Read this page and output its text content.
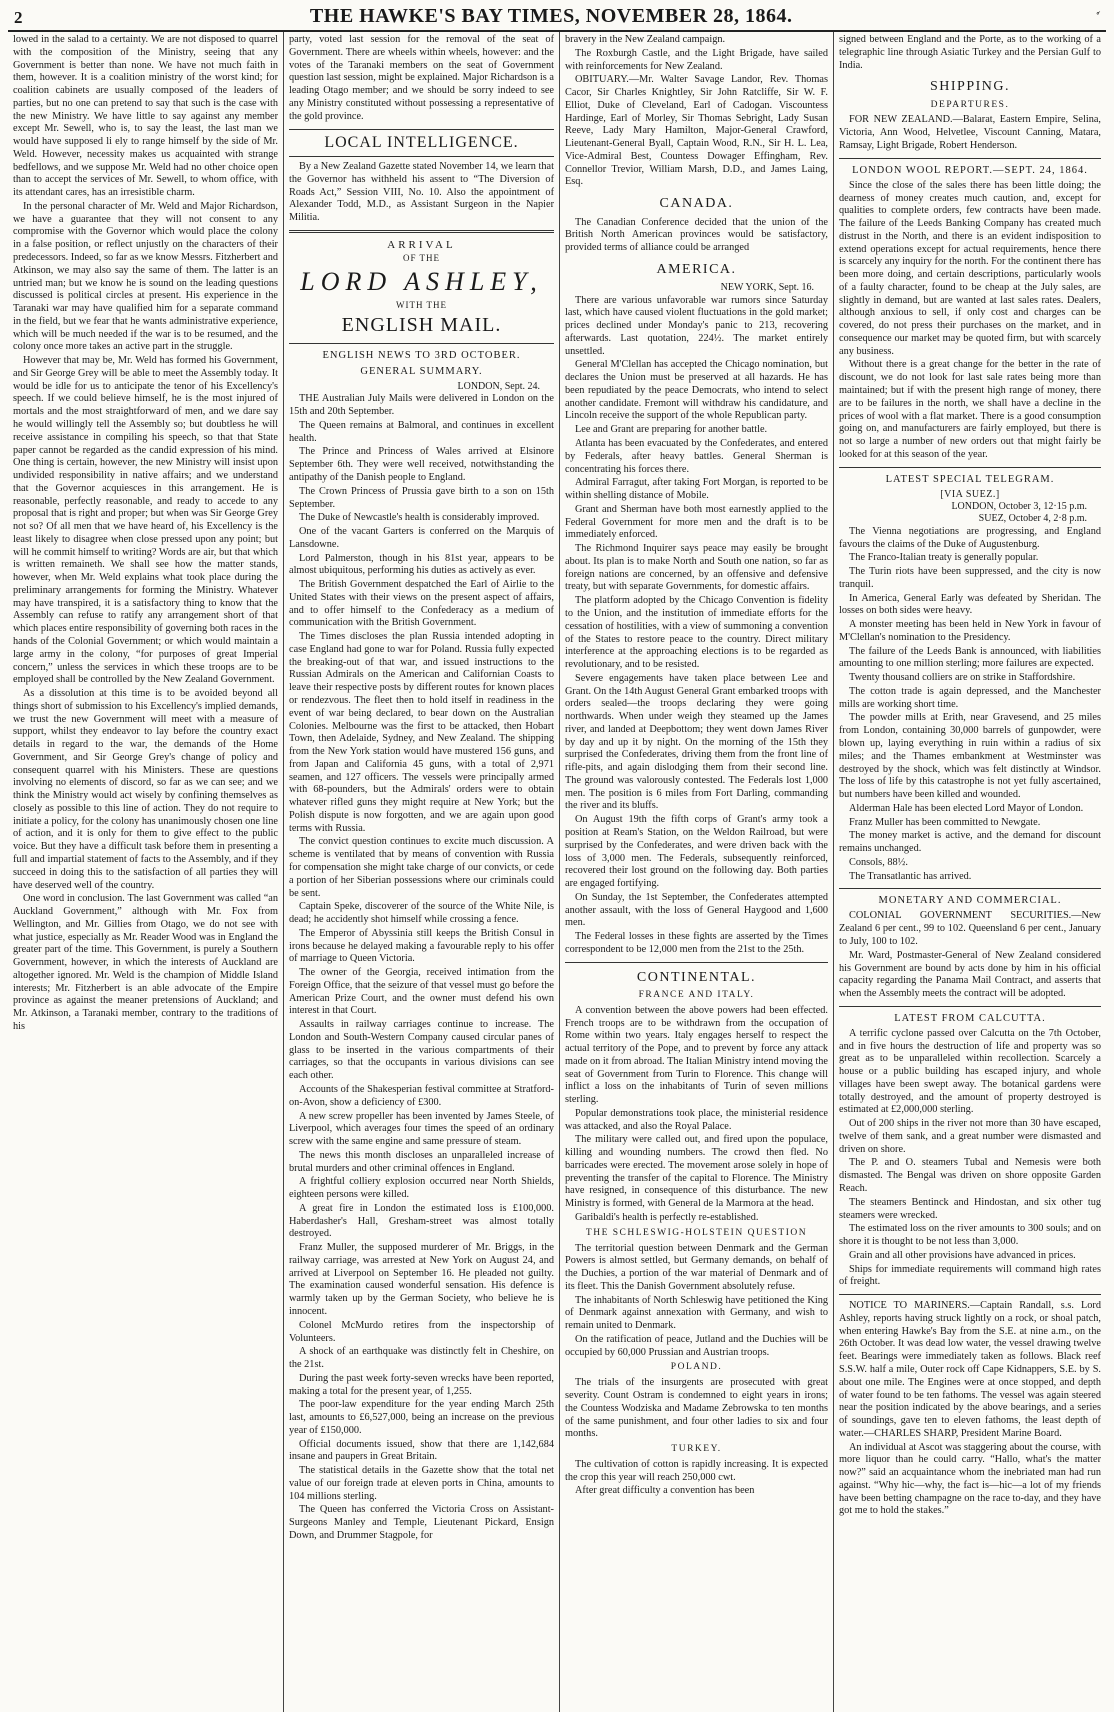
2	THE HAWKE'S BAY TIMES, NOVEMBER 28, 1864.

lowed in the salad to a certainty. We are not disposed to quarrel with the composition of the Ministry, seeing that any Government is better than none. We have not much faith in them, however. It is a coalition ministry of the worst kind; for coalition cabinets are usually composed of the leaders of parties, but no one can pretend to say that such is the case with the new Ministry. We have little to say against any member except Mr. Sewell, who is, to say the least, the last man we would have supposed li ely to range himself by the side of Mr. Weld. However, necessity makes us acquainted with strange bedfellows, and we suppose Mr. Weld had no other choice open than to accept the services of Mr. Sewell, to whom office, with its attendant cares, has an irresistible charm.

In the personal character of Mr. Weld and Major Richardson, we have a guarantee that they will not consent to any compromise with the Governor which would place the colony in a false position, or reflect unjustly on the characters of their predecessors. Indeed, so far as we know Messrs. Fitzherbert and Atkinson, we may also say the same of them. The latter is an untried man; but we know he is sound on the leading questions discussed is political circles at present. His experience in the Taranaki war may have qualified him for a separate command in the field, but we fear that he wants administrative experience, which will be much needed if the war is to be resumed, and the colony once more takes an active part in the struggle.

However that may be, Mr. Weld has formed his Government, and Sir George Grey will be able to meet the Assembly today. It would be idle for us to anticipate the tenor of his Excellency's speech. If we could believe himself, he is the most injured of mortals and the most straightforward of men, and we dare say he would willingly tell the Assembly so; but doubtless he will receive assistance in compiling his speech, so that that State paper cannot be regarded as the candid expression of his mind. One thing is certain, however, the new Ministry will insist upon undivided responsibility in native affairs; and we understand that the Governor acquiesces in this arrangement. He is reasonable, perfectly reasonable, and ready to accede to any proposal that is right and proper; but when was Sir George Grey not so? Of all men that we have heard of, his Excellency is the least likely to disagree when close pressed upon any point; but will he commit himself to writing? Words are air, but that which is written remaineth. We shall see how the matter stands, however, when Mr. Weld explains what took place during the preliminary arrangements for forming the Ministry. Whatever may have transpired, it is a satisfactory thing to know that the Assembly can refuse to ratify any arrangement short of that which places entire responsibility of governing both races in the hands of the Colonial Government; or which would maintain a large army in the colony, “for purposes of great Imperial concern,” unless the services in which these troops are to be employed shall be controlled by the New Zealand Government.

As a dissolution at this time is to be avoided beyond all things short of submission to his Excellency's implied demands, we trust the new Government will meet with a measure of support, whilst they endeavor to lay before the country exact details in regard to the war, the demands of the Home Government, and Sir George Grey's change of policy and consequent quarrel with his Ministers. These are questions involving no elements of discord, so far as we can see; and we think the Ministry would act wisely by confining themselves as closely as possible to this line of action. They do not require to initiate a policy, for the colony has unanimously chosen one line of action, and it is only for them to give effect to the public voice. But they have a difficult task before them in presenting a full and impartial statement of facts to the Assembly, and if they succeed in doing this to the satisfaction of all parties they will have deserved well of the country.

One word in conclusion. The last Government was called “an Auckland Government,” although with Mr. Fox from Wellington, and Mr. Gillies from Otago, we do not see with what justice, especially as Mr. Reader Wood was in England the greater part of the time. This Government, is purely a Southern Government, however, in which the interests of Auckland are altogether ignored. Mr. Weld is the champion of Middle Island interests; Mr. Fitzherbert is an able advocate of the Empire province as against the meaner pretensions of Auckland; and Mr. Atkinson, a Taranaki member, contrary to the traditions of his

party, voted last session for the removal of the seat of Government. There are wheels within wheels, however: and the votes of the Taranaki members on the seat of Government question last session, might be explained. Major Richardson is a leading Otago member; and we should be sorry indeed to see any Ministry constituted without possessing a representative of the gold province.

LOCAL INTELLIGENCE.

By a New Zealand Gazette stated November 14, we learn that the Governor has withheld his assent to “The Diversion of Roads Act,” Session VIII, No. 10. Also the appointment of Alexander Todd, M.D., as Assistant Surgeon in the Napier Militia.

ARRIVAL
OF THE
LORD ASHLEY,
WITH THE
ENGLISH MAIL.
ENGLISH NEWS TO 3RD OCTOBER.
GENERAL SUMMARY.
LONDON, Sept. 24.

THE Australian July Mails were delivered in London on the 15th and 20th September.

The Queen remains at Balmoral, and continues in excellent health.

The Prince and Princess of Wales arrived at Elsinore September 6th. They were well received, notwithstanding the antipathy of the Danish people to England.

The Crown Princess of Prussia gave birth to a son on 15th September.

The Duke of Newcastle's health is considerably improved.

One of the vacant Garters is conferred on the Marquis of Lansdowne.

Lord Palmerston, though in his 81st year, appears to be almost ubiquitous, performing his duties as actively as ever.

The British Government despatched the Earl of Airlie to the United States with their views on the present aspect of affairs, and to offer himself to the Confederacy as a medium of communication with the British Government.

The Times discloses the plan Russia intended adopting in case England had gone to war for Poland. Russia fully expected the breaking-out of that war, and issued instructions to the Russian Admirals on the American and Californian Coasts to leave their respective posts by different routes for known places or rendezvous. The fleet then to hold itself in readiness in the event of war being declared, to bear down on the Australian Colonies. Melbourne was the first to be attacked, then Hobart Town, then Adelaide, Sydney, and New Zealand. The shipping from the New York station would have mustered 156 guns, and from Japan and California 45 guns, with a total of 2,971 seamen, and 127 officers. The vessels were principally armed with 68-pounders, but the Admirals' orders were to obtain whatever rifled guns they might require at New York; but the Polish dispute is now forgotten, and we are again upon good terms with Russia.

The convict question continues to excite much discussion. A scheme is ventilated that by means of convention with Russia for compensation she might take charge of our convicts, or cede a portion of her Siberian possessions where our criminals could be sent.

Captain Speke, discoverer of the source of the White Nile, is dead; he accidently shot himself while crossing a fence.

The Emperor of Abyssinia still keeps the British Consul in irons because he delayed making a favourable reply to his offer of marriage to Queen Victoria.

The owner of the Georgia, received intimation from the Foreign Office, that the seizure of that vessel must go before the American Prize Court, and the owner must defend his own interest in that Court.

Assaults in railway carriages continue to increase. The London and South-Western Company caused circular panes of glass to be inserted in the various compartments of their carriages, so that the occupants in various divisions can see each other.

Accounts of the Shakesperian festival committee at Stratford-on-Avon, show a deficiency of £300.

A new screw propeller has been invented by James Steele, of Liverpool, which averages four times the speed of an ordinary screw with the same engine and same pressure of steam.

The news this month discloses an unparalleled increase of brutal murders and other criminal offences in England.

A frightful colliery explosion occurred near North Shields, eighteen persons were killed.

A great fire in London the estimated loss is £100,000. Haberdasher's Hall, Gresham-street was almost totally destroyed.

Franz Muller, the supposed murderer of Mr. Briggs, in the railway carriage, was arrested at New York on August 24, and arrived at Liverpool on September 16. He pleaded not guilty. The examination caused wonderful sensation. His defence is warmly taken up by the German Society, who believe he is innocent.

Colonel McMurdo retires from the inspectorship of Volunteers.

A shock of an earthquake was distinctly felt in Cheshire, on the 21st.

During the past week forty-seven wrecks have been reported, making a total for the present year, of 1,255.

The poor-law expenditure for the year ending March 25th last, amounts to £6,527,000, being an increase on the previous year of £150,000.

Official documents issued, show that there are 1,142,684 insane and paupers in Great Britain.

The statistical details in the Gazette show that the total net value of our foreign trade at eleven ports in China, amounts to 104 millions sterling.

The Queen has conferred the Victoria Cross on Assistant-Surgeons Manley and Temple, Lieutenant Pickard, Ensign Down, and Drummer Stagpole, for

bravery in the New Zealand campaign.

The Roxburgh Castle, and the Light Brigade, have sailed with reinforcements for New Zealand.

OBITUARY.—Mr. Walter Savage Landor, Rev. Thomas Cacor, Sir Charles Knightley, Sir John Ratcliffe, Sir W. F. Elliot, Duke of Cleveland, Earl of Cadogan. Viscountess Hardinge, Earl of Morley, Sir Thomas Sebright, Lady Susan Reeve, Lady Mary Hamilton, Major-General Crawford, Lieutenant-General Byall, Captain Wood, R.N., Sir H. L. Lea, Vice-Admiral Best, Countess Dowager Effingham, Rev. Connellor Trevior, William Marsh, D.D., and James Laing, Esq.

CANADA.

The Canadian Conference decided that the union of the British North American provinces would be satisfactory, provided terms of alliance could be arranged

AMERICA.
NEW YORK, Sept. 16.

There are various unfavorable war rumors since Saturday last, which have caused violent fluctuations in the gold market; prices declined under Monday's panic to 213, recovering afterwards. Last quotation, 224½. The market entirely unsettled.

General M'Clellan has accepted the Chicago nomination, but declares the Union must be preserved at all hazards. He has been repudiated by the peace Democrats, who intend to select another candidate. Fremont will withdraw his candidature, and Lincoln receive the support of the whole Republican party.

Lee and Grant are preparing for another battle.

Atlanta has been evacuated by the Confederates, and entered by Federals, after heavy battles. General Sherman is concentrating his forces there.

Admiral Farragut, after taking Fort Morgan, is reported to be within shelling distance of Mobile.

Grant and Sherman have both most earnestly applied to the Federal Government for more men and the draft is to be immediately enforced.

The Richmond Inquirer says peace may easily be brought about. Its plan is to make North and South one nation, so far as foreign nations are concerned, by an offensive and defensive treaty, but with separate Governments, for domestic affairs.

The platform adopted by the Chicago Convention is fidelity to the Union, and the institution of immediate efforts for the cessation of hostilities, with a view of summoning a convention of the States to restore peace to the country. Direct military interference at the approaching elections is to be regarded as revolutionary, and to be resisted.

Severe engagements have taken place between Lee and Grant. On the 14th August General Grant embarked troops with orders sealed—the troops declaring they were going northwards. When under weigh they steamed up the James river, and landed at Deepbottom; they went down James River by day and up it by night. On the morning of the 15th they surprised the Confederates, driving them from the front line of rifle-pits, and again dislodging them from their second line. The ground was valorously contested. The Federals lost 1,000 men. The position is 6 miles from Fort Darling, commanding the river and its bluffs.

On August 19th the fifth corps of Grant's army took a position at Ream's Station, on the Weldon Railroad, but were surprised by the Confederates, and were driven back with the loss of 3,000 men. The Federals, subsequently reinforced, recovered their lost ground on the following day. Both parties are engaged fortifying.

On Sunday, the 1st September, the Confederates attempted another assault, with the loss of General Haygood and 1,600 men.

The Federal losses in these fights are asserted by the Times correspondent to be 12,000 men from the 21st to the 25th.

CONTINENTAL.
FRANCE AND ITALY.

A convention between the above powers had been effected. French troops are to be withdrawn from the occupation of Rome within two years. Italy engages herself to respect the actual territory of the Pope, and to prevent by force any attack made on it from abroad. The Italian Ministry intend moving the seat of Government from Turin to Florence. This change will inflict a loss on the inhabitants of Turin of seven millions sterling.

Popular demonstrations took place, the ministerial residence was attacked, and also the Royal Palace.

The military were called out, and fired upon the populace, killing and wounding numbers. The crowd then fled. No barricades were erected. The movement arose solely in hope of preventing the transfer of the capital to Florence. The Ministry have resigned, in consequence of this disturbance. The new Ministry is formed, with General de la Marmora at the head.

Garibaldi's health is perfectly re-established.

THE SCHLESWIG-HOLSTEIN QUESTION

The territorial question between Denmark and the German Powers is almost settled, but Germany demands, on behalf of the Duchies, a portion of the war material of Denmark and of its fleet. This the Danish Government absolutely refuse.

The inhabitants of North Schleswig have petitioned the King of Denmark against annexation with Germany, and wish to remain united to Denmark.

On the ratification of peace, Jutland and the Duchies will be occupied by 60,000 Prussian and Austrian troops.

POLAND.

The trials of the insurgents are prosecuted with great severity. Count Ostram is condemned to eight years in irons; the Countess Wodziska and Madame Zebrowska to ten months of the same punishment, and four other ladies to six and four months.

TURKEY.

The cultivation of cotton is rapidly increasing. It is expected the crop this year will reach 250,000 cwt.

After great difficulty a convention has been

signed between England and the Porte, as to the working of a telegraphic line through Asiatic Turkey and the Persian Gulf to India.

SHIPPING.
DEPARTURES.

FOR NEW ZEALAND.—Balarat, Eastern Empire, Selina, Victoria, Ann Wood, Helvetlee, Viscount Canning, Matara, Ramsay, Light Brigade, Robert Henderson.

LONDON WOOL REPORT.—SEPT. 24, 1864.

Since the close of the sales there has been little doing; the dearness of money creates much caution, and, except for qualities to complete orders, few contracts have been made. The failure of the Leeds Banking Company has created much distrust in the North, and there is an evident indisposition to extend operations except for actual requirements, hence there is scarcely any inquiry for the north. For the continent there has been more doing, and certain descriptions, particularly wools of a faulty character, found to be cheap at the July sales, are slightly in demand, but are wanted at last sales rates. Dealers, although anxious to sell, if only cost and charges can be covered, do not press their purchases on the market, and in consequence our market may be quoted firm, but with scarcely any business.

Without there is a great change for the better in the rate of discount, we do not look for last sale rates being more than maintained; but if with the present high range of money, there are to be failures in the north, we shall have a decline in the prices of wool with a flat market. There is a good consumption going on, and manufacturers are fairly employed, but there is not so large a number of new orders out that might fairly be looked for at this season of the year.

LATEST SPECIAL TELEGRAM.
[VIA SUEZ.]
LONDON, October 3, 12·15 p.m.
SUEZ, October 4, 2·8 p.m.

The Vienna negotiations are progressing, and England favours the claims of the Duke of Augustenburg.

The Franco-Italian treaty is generally popular.

The Turin riots have been suppressed, and the city is now tranquil.

In America, General Early was defeated by Sheridan. The losses on both sides were heavy.

A monster meeting has been held in New York in favour of M'Clellan's nomination to the Presidency.

The failure of the Leeds Bank is announced, with liabilities amounting to one million sterling; more failures are expected.

Twenty thousand colliers are on strike in Staffordshire.

The cotton trade is again depressed, and the Manchester mills are working short time.

The powder mills at Erith, near Gravesend, and 25 miles from London, containing 30,000 barrels of gunpowder, were blown up, laying everything in ruin within a radius of six miles; and the Thames embankment at Westminster was destroyed by the shock, which was felt distinctly at Windsor. The loss of life by this catastrophe is not yet fully ascertained, but numbers have been killed and wounded.

Alderman Hale has been elected Lord Mayor of London.

Franz Muller has been committed to Newgate.

The money market is active, and the demand for discount remains unchanged.

Consols, 88½.

The Transatlantic has arrived.

MONETARY AND COMMERCIAL.

COLONIAL GOVERNMENT SECURITIES.—New Zealand 6 per cent., 99 to 102. Queensland 6 per cent., January to July, 100 to 102.

Mr. Ward, Postmaster-General of New Zealand considered his Government are bound by acts done by him in his official capacity regarding the Panama Mail Contract, and asserts that when the Assembly meets the contract will be adopted.

LATEST FROM CALCUTTA.

A terrific cyclone passed over Calcutta on the 7th October, and in five hours the destruction of life and property was so great as to be unparalleled within recollection. Scarcely a house or a public building has escaped injury, and whole villages have been swept away. The botanical gardens were totally destroyed, and the amount of property destroyed is estimated at £2,000,000 sterling.

Out of 200 ships in the river not more than 30 have escaped, twelve of them sank, and a great number were dismasted and driven on shore.

The P. and O. steamers Tubal and Nemesis were both dismasted. The Bengal was driven on shore opposite Garden Reach.

The steamers Bentinck and Hindostan, and six other tug steamers were wrecked.

The estimated loss on the river amounts to 300 souls; and on shore it is thought to be not less than 3,000.

Grain and all other provisions have advanced in prices.

Ships for immediate requirements will command high rates of freight.

NOTICE TO MARINERS.—Captain Randall, s.s. Lord Ashley, reports having struck lightly on a rock, or shoal patch, when entering Hawke's Bay from the S.E. at nine a.m., on the 26th October. It was dead low water, the vessel drawing twelve feet. Bearings were immediately taken as follows. Black reef S.S.W. half a mile, Outer rock off Cape Kidnappers, S.E. by S. about one mile. The Engines were at once stopped, and depth of water found to be ten fathoms. The vessel was again steered near the position indicated by the above bearings, and a series of soundings, gave ten to eleven fathoms, the least depth of water.—CHARLES SHARP, President Marine Board.

An individual at Ascot was staggering about the course, with more liquor than he could carry. “Hallo, what's the matter now?” said an acquaintance whom the inebriated man had run against. “Why hic—why, the fact is—hic—a lot of my friends have been betting champagne on the race to-day, and they have got me to hold the stakes.”
